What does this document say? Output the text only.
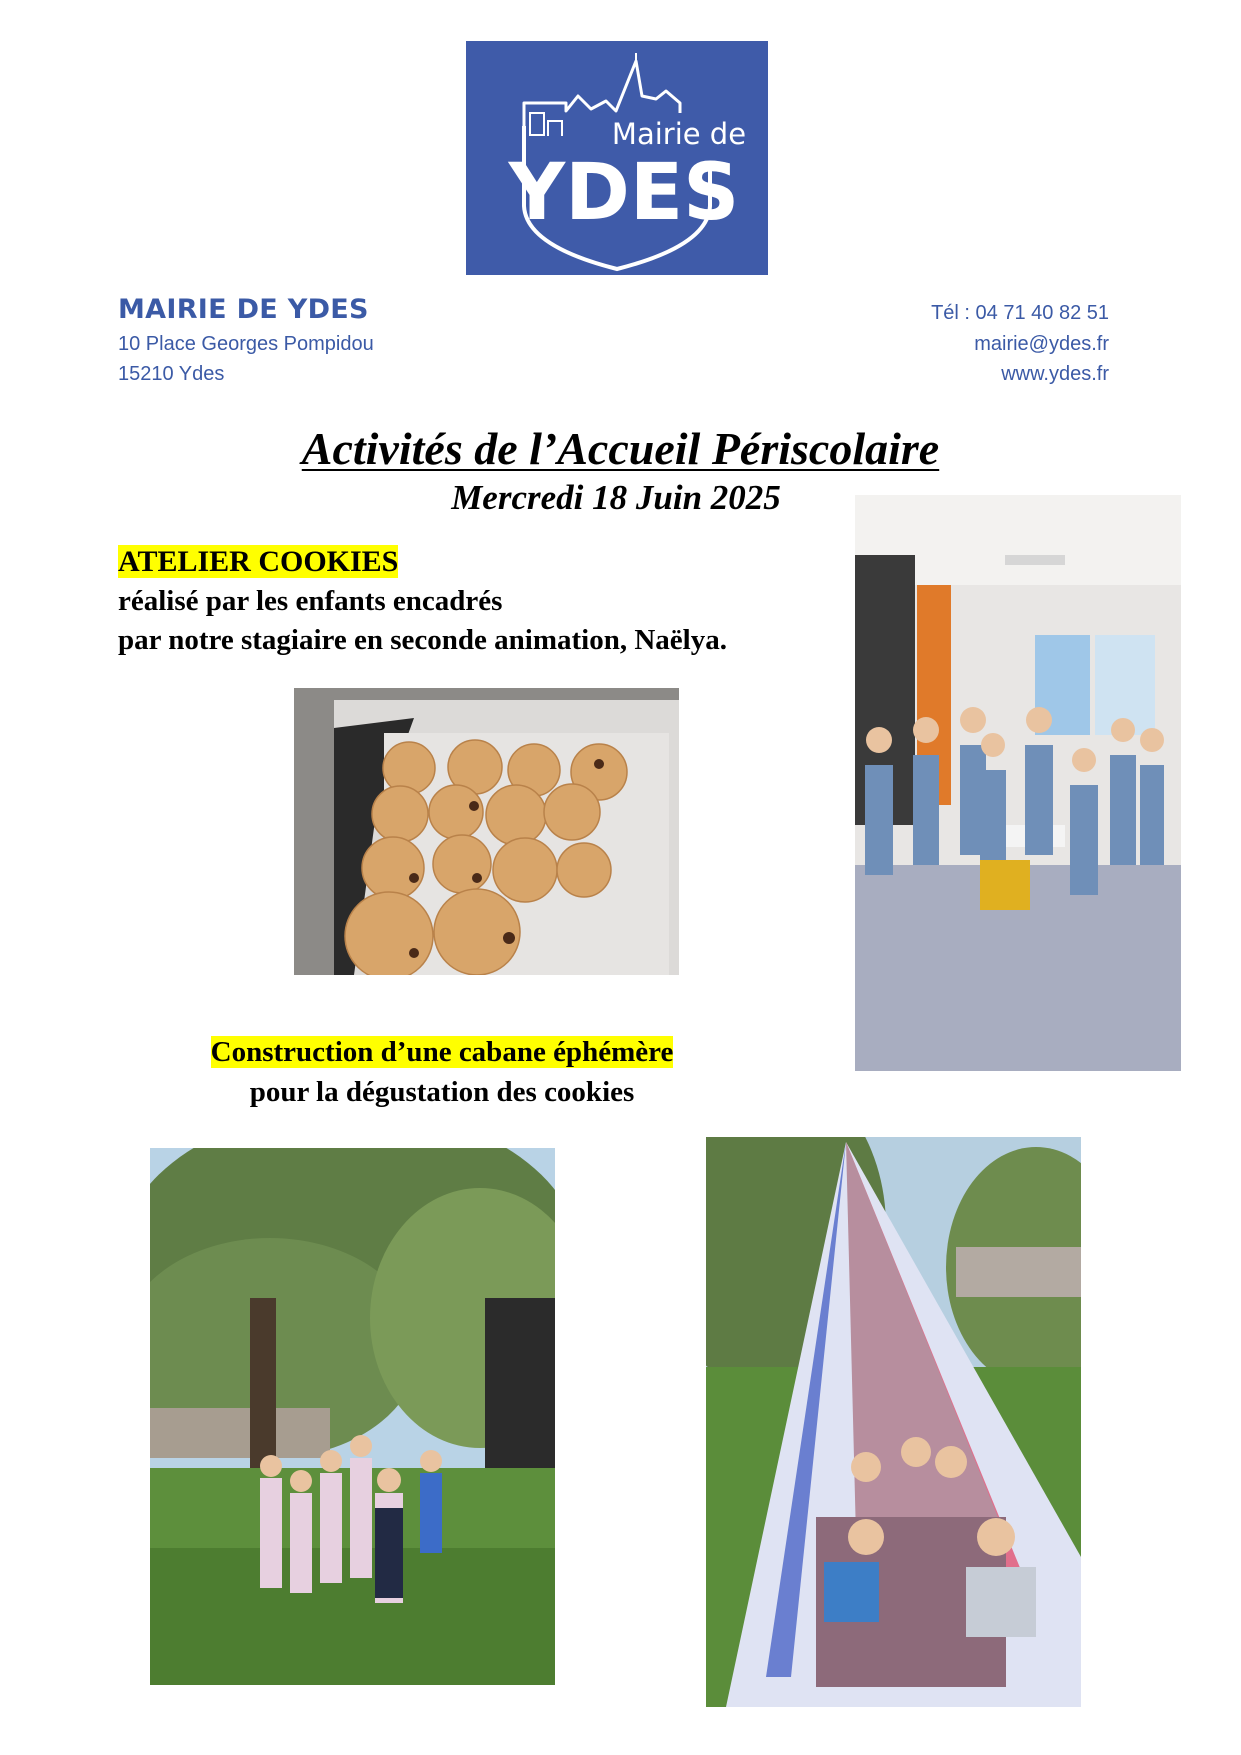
Mairie de
YDES
MAIRIE DE YDES
10 Place Georges Pompidou
15210 Ydes
Tél : 04 71 40 82 51
mairie@ydes.fr
www.ydes.fr
Activités de l’Accueil Périscolaire
Mercredi 18 Juin 2025
ATELIER COOKIES
réalisé par les enfants encadrés
par notre stagiaire en seconde animation, Naëlya.
Construction d’une cabane éphémère
pour la dégustation des cookies
